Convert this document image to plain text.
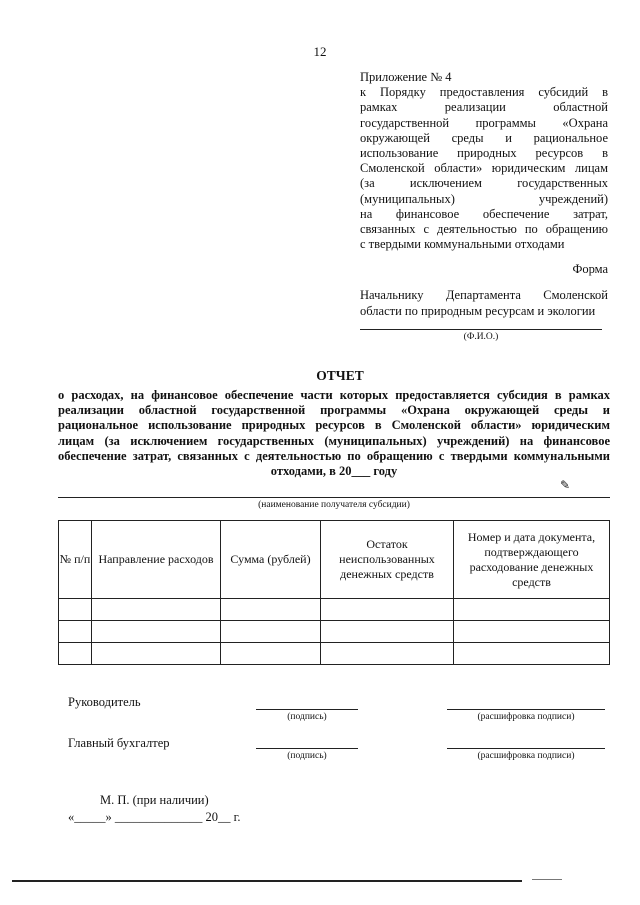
12
Приложение № 4
к Порядку предоставления субсидий в
рамках реализации областной
государственной программы «Охрана
окружающей среды и рациональное
использование природных ресурсов в
Смоленской области» юридическим лицам
(за исключением государственных
(муниципальных) учреждений)
на финансовое обеспечение затрат,
связанных с деятельностью по обращению
с твердыми коммунальными отходами
Форма
Начальнику Департамента Смоленской
области по природным ресурсам и экологии
(Ф.И.О.)
ОТЧЕТ
о расходах, на финансовое обеспечение части которых предоставляется субсидия в рамках
реализации областной государственной программы «Охрана окружающей среды и
рациональное использование природных ресурсов в Смоленской области» юридическим
лицам (за исключением государственных (муниципальных) учреждений) на финансовое
обеспечение затрат, связанных с деятельностью по обращению с твердыми коммунальными
отходами, в 20___ году
✎
(наименование получателя субсидии)
№ п/п	Направление расходов	Сумма (рублей)	Остаток неиспользованных денежных средств	Номер и дата документа, подтверждающего расходование денежных средств

Руководитель
(подпись)	(расшифровка подписи)
Главный бухгалтер
(подпись)	(расшифровка подписи)
М. П. (при наличии)
«_____» ______________ 20__ г.
